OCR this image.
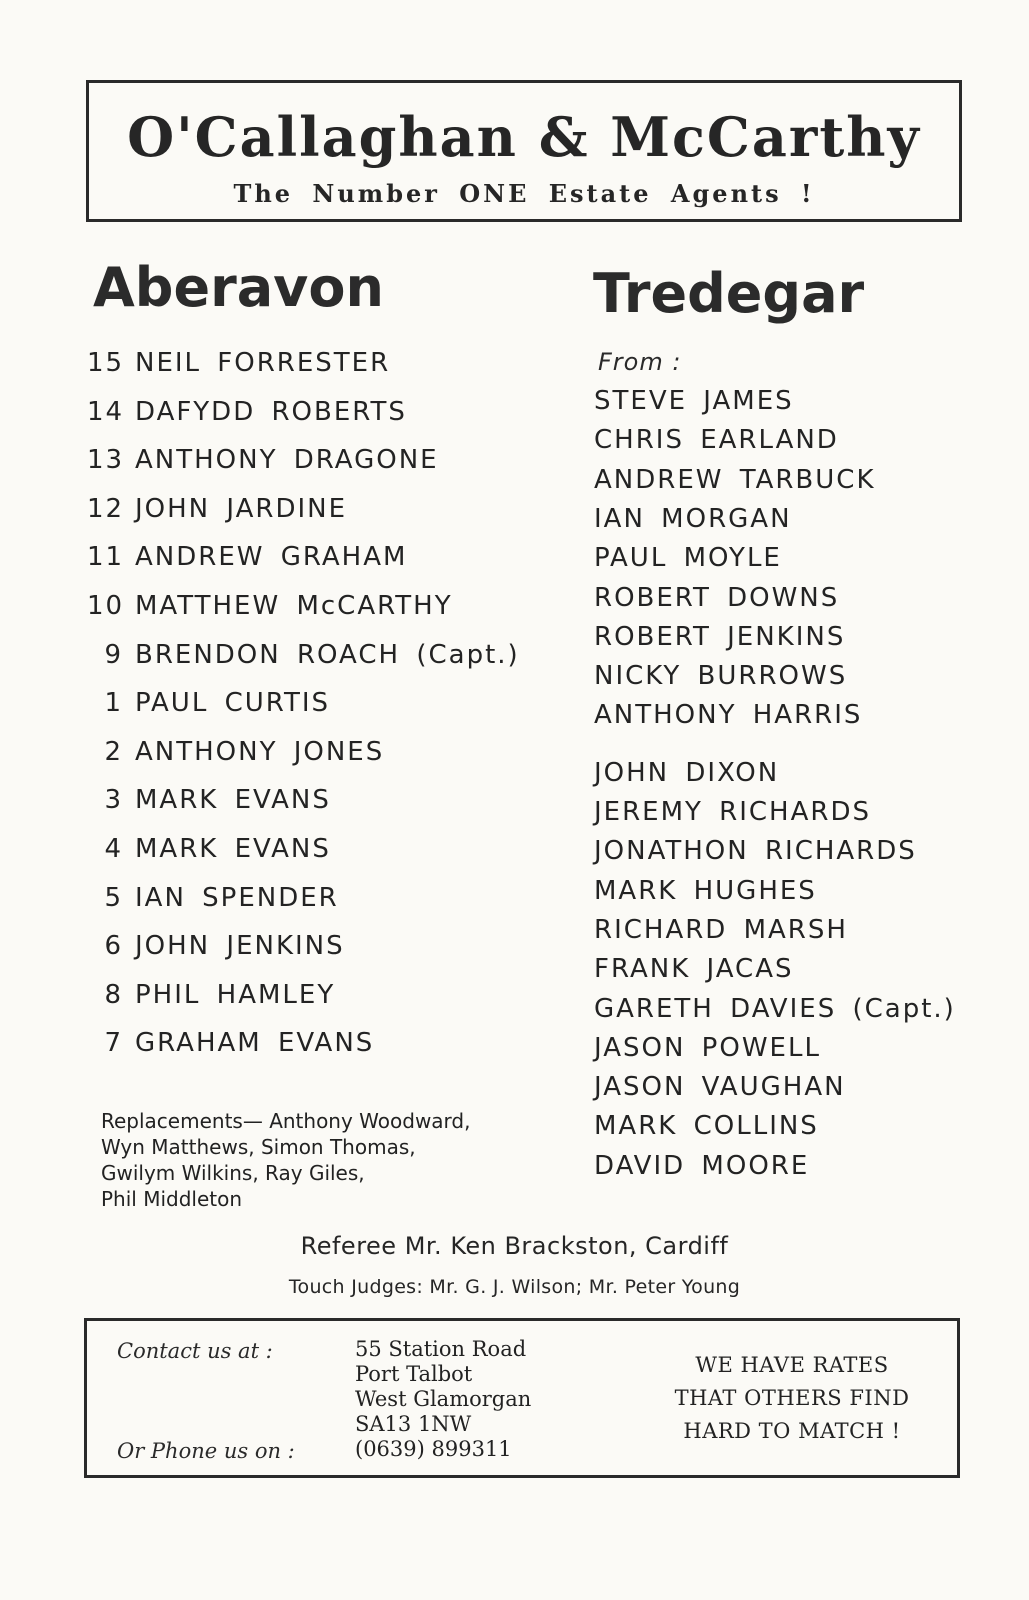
O'Callaghan & McCarthy
The Number ONE Estate Agents !
Aberavon	Tredegar
15 NEIL FORRESTER
14 DAFYDD ROBERTS
13 ANTHONY DRAGONE
12 JOHN JARDINE
11 ANDREW GRAHAM
10 MATTHEW McCARTHY
9 BRENDON ROACH (Capt.)
1 PAUL CURTIS
2 ANTHONY JONES
3 MARK EVANS
4 MARK EVANS
5 IAN SPENDER
6 JOHN JENKINS
8 PHIL HAMLEY
7 GRAHAM EVANS
From :
STEVE JAMES
CHRIS EARLAND
ANDREW TARBUCK
IAN MORGAN
PAUL MOYLE
ROBERT DOWNS
ROBERT JENKINS
NICKY BURROWS
ANTHONY HARRIS
JOHN DIXON
JEREMY RICHARDS
JONATHON RICHARDS
MARK HUGHES
RICHARD MARSH
FRANK JACAS
GARETH DAVIES (Capt.)
JASON POWELL
JASON VAUGHAN
MARK COLLINS
DAVID MOORE
Replacements— Anthony Woodward,
Wyn Matthews, Simon Thomas,
Gwilym Wilkins, Ray Giles,
Phil Middleton
Referee Mr. Ken Brackston, Cardiff
Touch Judges: Mr. G. J. Wilson; Mr. Peter Young
Contact us at :
Or Phone us on :
55 Station Road
Port Talbot
West Glamorgan
SA13 1NW
(0639) 899311
WE HAVE RATES
THAT OTHERS FIND
HARD TO MATCH !
